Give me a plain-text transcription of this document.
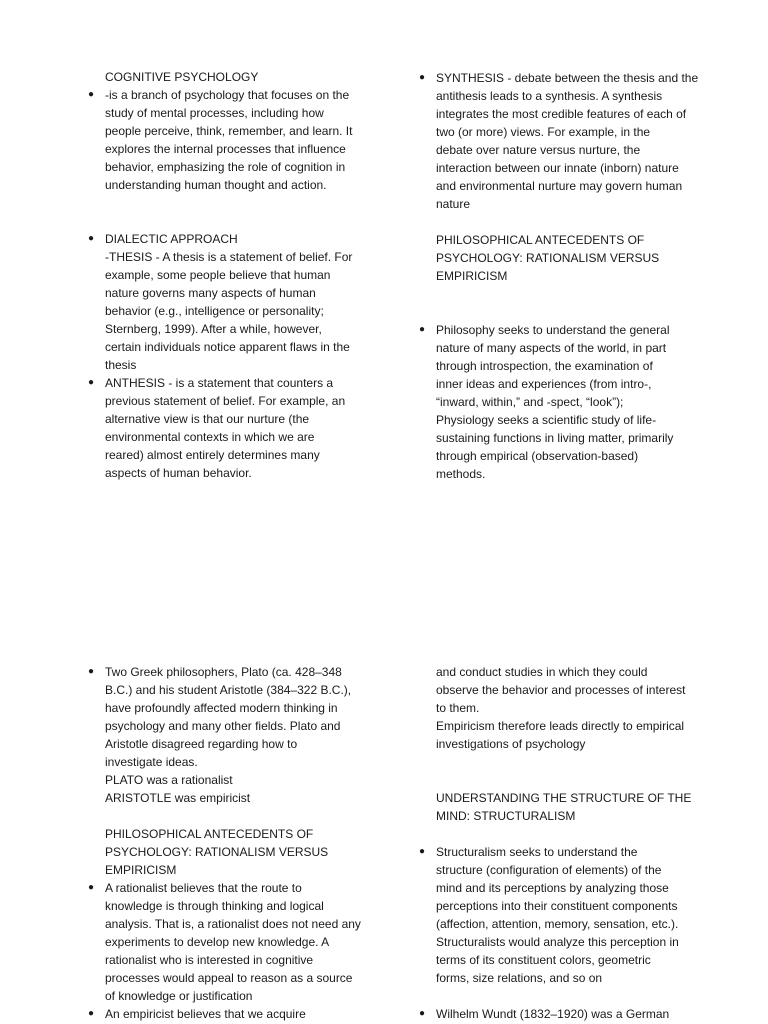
COGNITIVE PSYCHOLOGY

● -is a branch of psychology that focuses on the
study of mental processes, including how
people perceive, think, remember, and learn. It
explores the internal processes that influence
behavior, emphasizing the role of cognition in
understanding human thought and action.

● DIALECTIC APPROACH
-THESIS - A thesis is a statement of belief. For
example, some people believe that human
nature governs many aspects of human
behavior (e.g., intelligence or personality;
Sternberg, 1999). After a while, however,
certain individuals notice apparent flaws in the
thesis

● ANTHESIS - is a statement that counters a
previous statement of belief. For example, an
alternative view is that our nurture (the
environmental contexts in which we are
reared) almost entirely determines many
aspects of human behavior.

● SYNTHESIS - debate between the thesis and the
antithesis leads to a synthesis. A synthesis
integrates the most credible features of each of
two (or more) views. For example, in the
debate over nature versus nurture, the
interaction between our innate (inborn) nature
and environmental nurture may govern human
nature

PHILOSOPHICAL ANTECEDENTS OF
PSYCHOLOGY: RATIONALISM VERSUS
EMPIRICISM

● Philosophy seeks to understand the general
nature of many aspects of the world, in part
through introspection, the examination of
inner ideas and experiences (from intro-,
“inward, within,” and -spect, “look”);
Physiology seeks a scientific study of life-
sustaining functions in living matter, primarily
through empirical (observation-based)
methods.

● Two Greek philosophers, Plato (ca. 428–348
B.C.) and his student Aristotle (384–322 B.C.),
have profoundly affected modern thinking in
psychology and many other fields. Plato and
Aristotle disagreed regarding how to
investigate ideas.
PLATO was a rationalist
ARISTOTLE was empiricist

PHILOSOPHICAL ANTECEDENTS OF
PSYCHOLOGY: RATIONALISM VERSUS
EMPIRICISM

● A rationalist believes that the route to
knowledge is through thinking and logical
analysis. That is, a rationalist does not need any
experiments to develop new knowledge. A
rationalist who is interested in cognitive
processes would appeal to reason as a source
of knowledge or justification

● An empiricist believes that we acquire

and conduct studies in which they could
observe the behavior and processes of interest
to them.
Empiricism therefore leads directly to empirical
investigations of psychology

UNDERSTANDING THE STRUCTURE OF THE
MIND: STRUCTURALISM

● Structuralism seeks to understand the
structure (configuration of elements) of the
mind and its perceptions by analyzing those
perceptions into their constituent components
(affection, attention, memory, sensation, etc.).
Structuralists would analyze this perception in
terms of its constituent colors, geometric
forms, size relations, and so on

● Wilhelm Wundt (1832–1920) was a German
